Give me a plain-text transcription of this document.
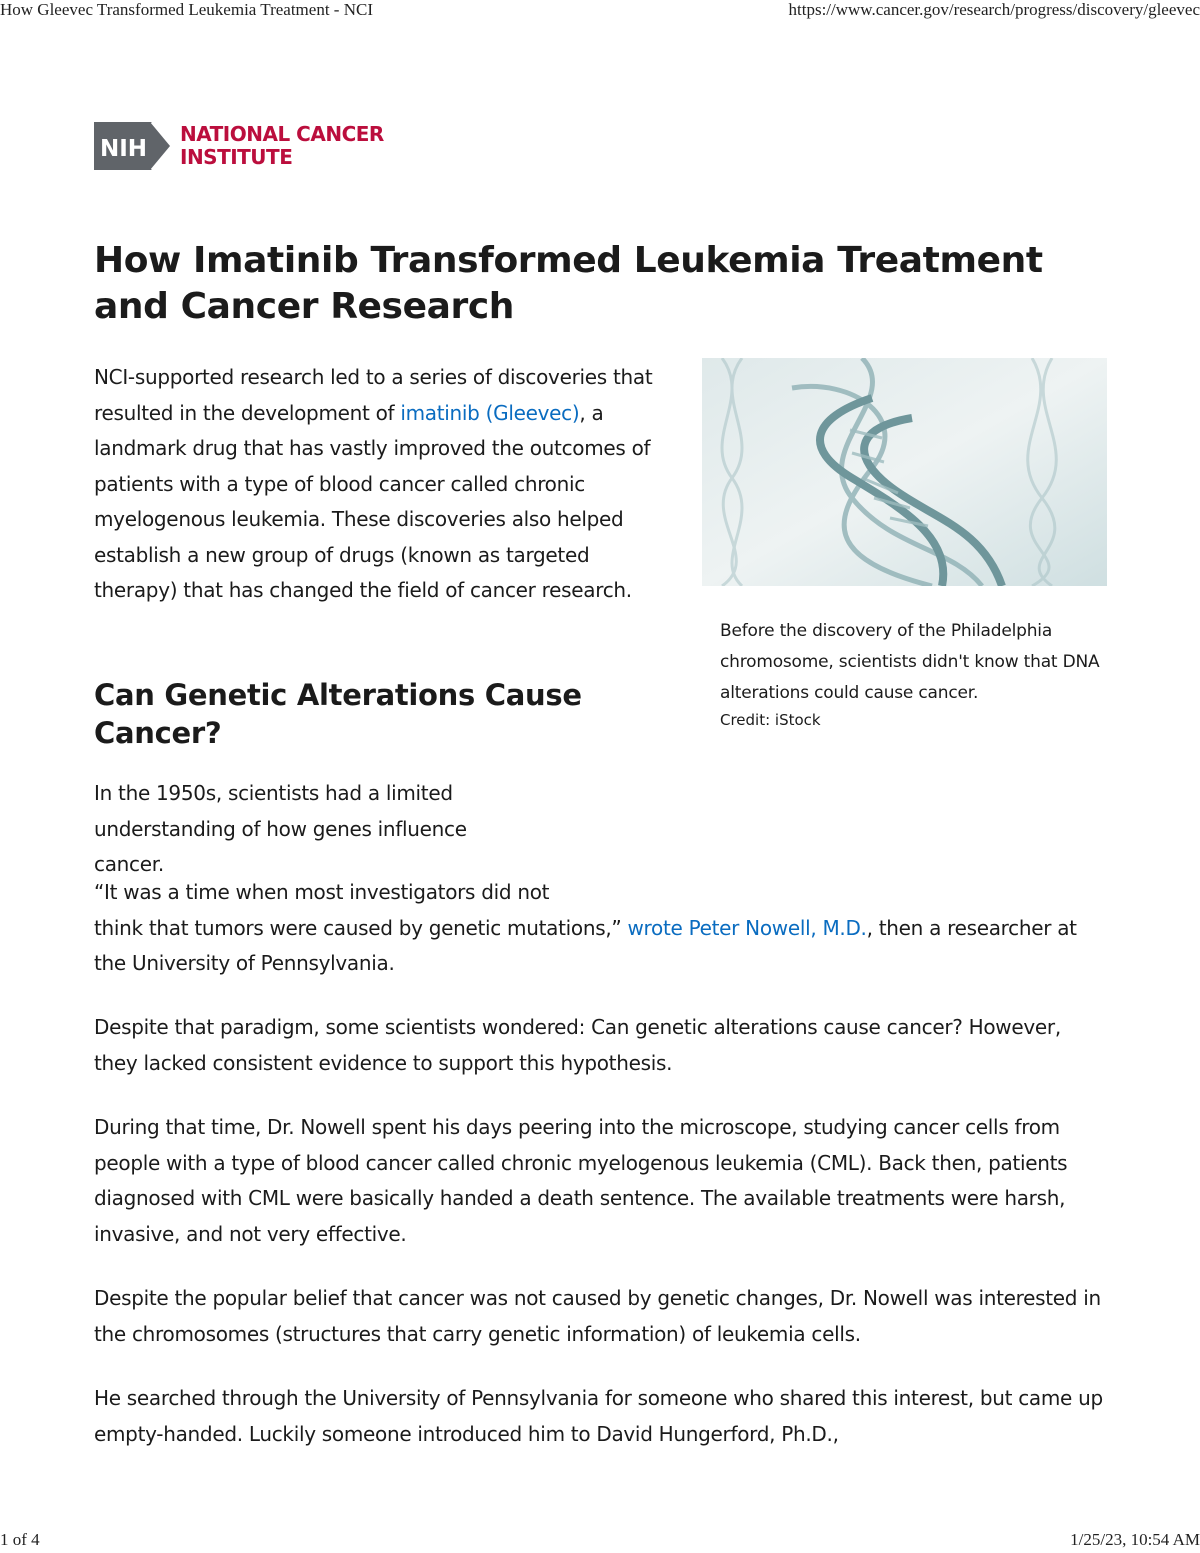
How Gleevec Transformed Leukemia Treatment - NCI	https://www.cancer.gov/research/progress/discovery/gleevec
NIH
NATIONAL CANCER
INSTITUTE
How Imatinib Transformed Leukemia Treatment and Cancer Research

NCI-supported research led to a series of discoveries that resulted in the development of imatinib (Gleevec), a landmark drug that has vastly improved the outcomes of patients with a type of blood cancer called chronic myelogenous leukemia. These discoveries also helped establish a new group of drugs (known as targeted therapy) that has changed the field of cancer research.

Before the discovery of the Philadelphia chromosome, scientists didn't know that DNA alterations could cause cancer.
Credit: iStock
Can Genetic Alterations Cause Cancer?

In the 1950s, scientists had a limited understanding of how genes influence cancer.

“It was a time when most investigators did not
think that tumors were caused by genetic mutations,” wrote Peter Nowell, M.D., then a researcher at the University of Pennsylvania.

Despite that paradigm, some scientists wondered: Can genetic alterations cause cancer? However, they lacked consistent evidence to support this hypothesis.

During that time, Dr. Nowell spent his days peering into the microscope, studying cancer cells from people with a type of blood cancer called chronic myelogenous leukemia (CML). Back then, patients diagnosed with CML were basically handed a death sentence. The available treatments were harsh, invasive, and not very effective.

Despite the popular belief that cancer was not caused by genetic changes, Dr. Nowell was interested in the chromosomes (structures that carry genetic information) of leukemia cells.

He searched through the University of Pennsylvania for someone who shared this interest, but came up empty-handed. Luckily someone introduced him to David Hungerford, Ph.D.,

1 of 4	1/25/23, 10:54 AM
